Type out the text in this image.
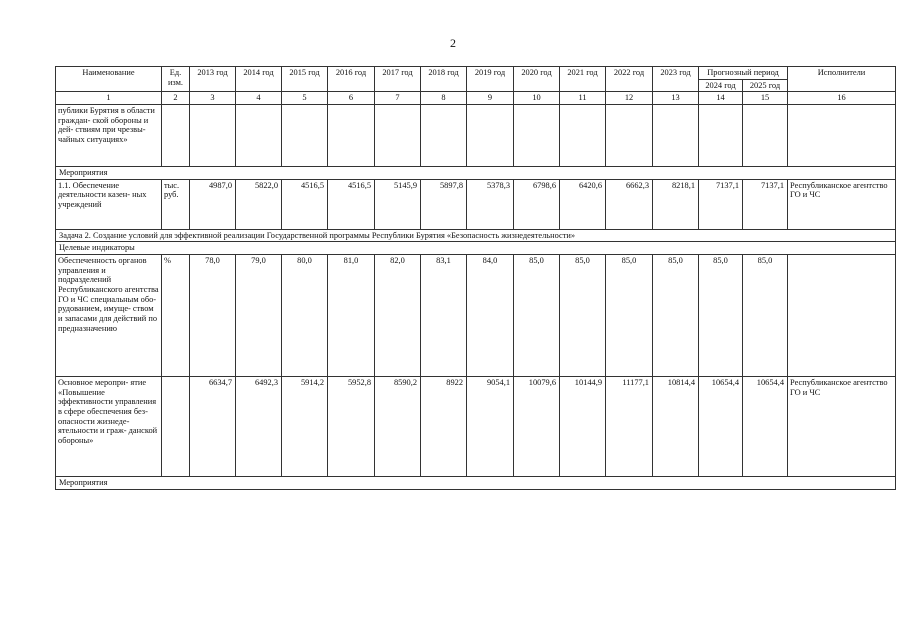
2
Наименование	Ед. изм.	2013 год	2014 год	2015 год	2016 год	2017 год	2018 год	2019 год	2020 год	2021 год	2022 год	2023 год	Прогнозный период		Исполнители
													2024 год	2025 год	
1	2	3	4	5	6	7	8	9	10	11	12	13	14	15	16
публики Бурятия в области граждан- ской обороны и дей- ствиям при чрезвы- чайных ситуациях»															
Мероприятия															
1.1. Обеспечение деятельности казен- ных учреждений	тыс. руб.	4987,0	5822,0	4516,5	4516,5	5145,9	5897,8	5378,3	6798,6	6420,6	6662,3	8218,1	7137,1	7137,1	Республиканское агентство ГО и ЧС
Задача 2. Создание условий для эффективной реализации Государственной программы Республики Бурятия «Безопасность жизнедеятельности»															
Целевые индикаторы															
Обеспеченность органов управления и подразделений Республиканского агентства ГО и ЧС специальным обо- рудованием, имуще- ством и запасами для действий по предназначению	%	78,0	79,0	80,0	81,0	82,0	83,1	84,0	85,0	85,0	85,0	85,0	85,0	85,0	
Основное меропри- ятие «Повышение эффективности управления в сфере обеспечения без- опасности жизнеде- ятельности и граж- данской обороны»		6634,7	6492,3	5914,2	5952,8	8590,2	8922	9054,1	10079,6	10144,9	11177,1	10814,4	10654,4	10654,4	Республиканское агентство ГО и ЧС
Мероприятия															
